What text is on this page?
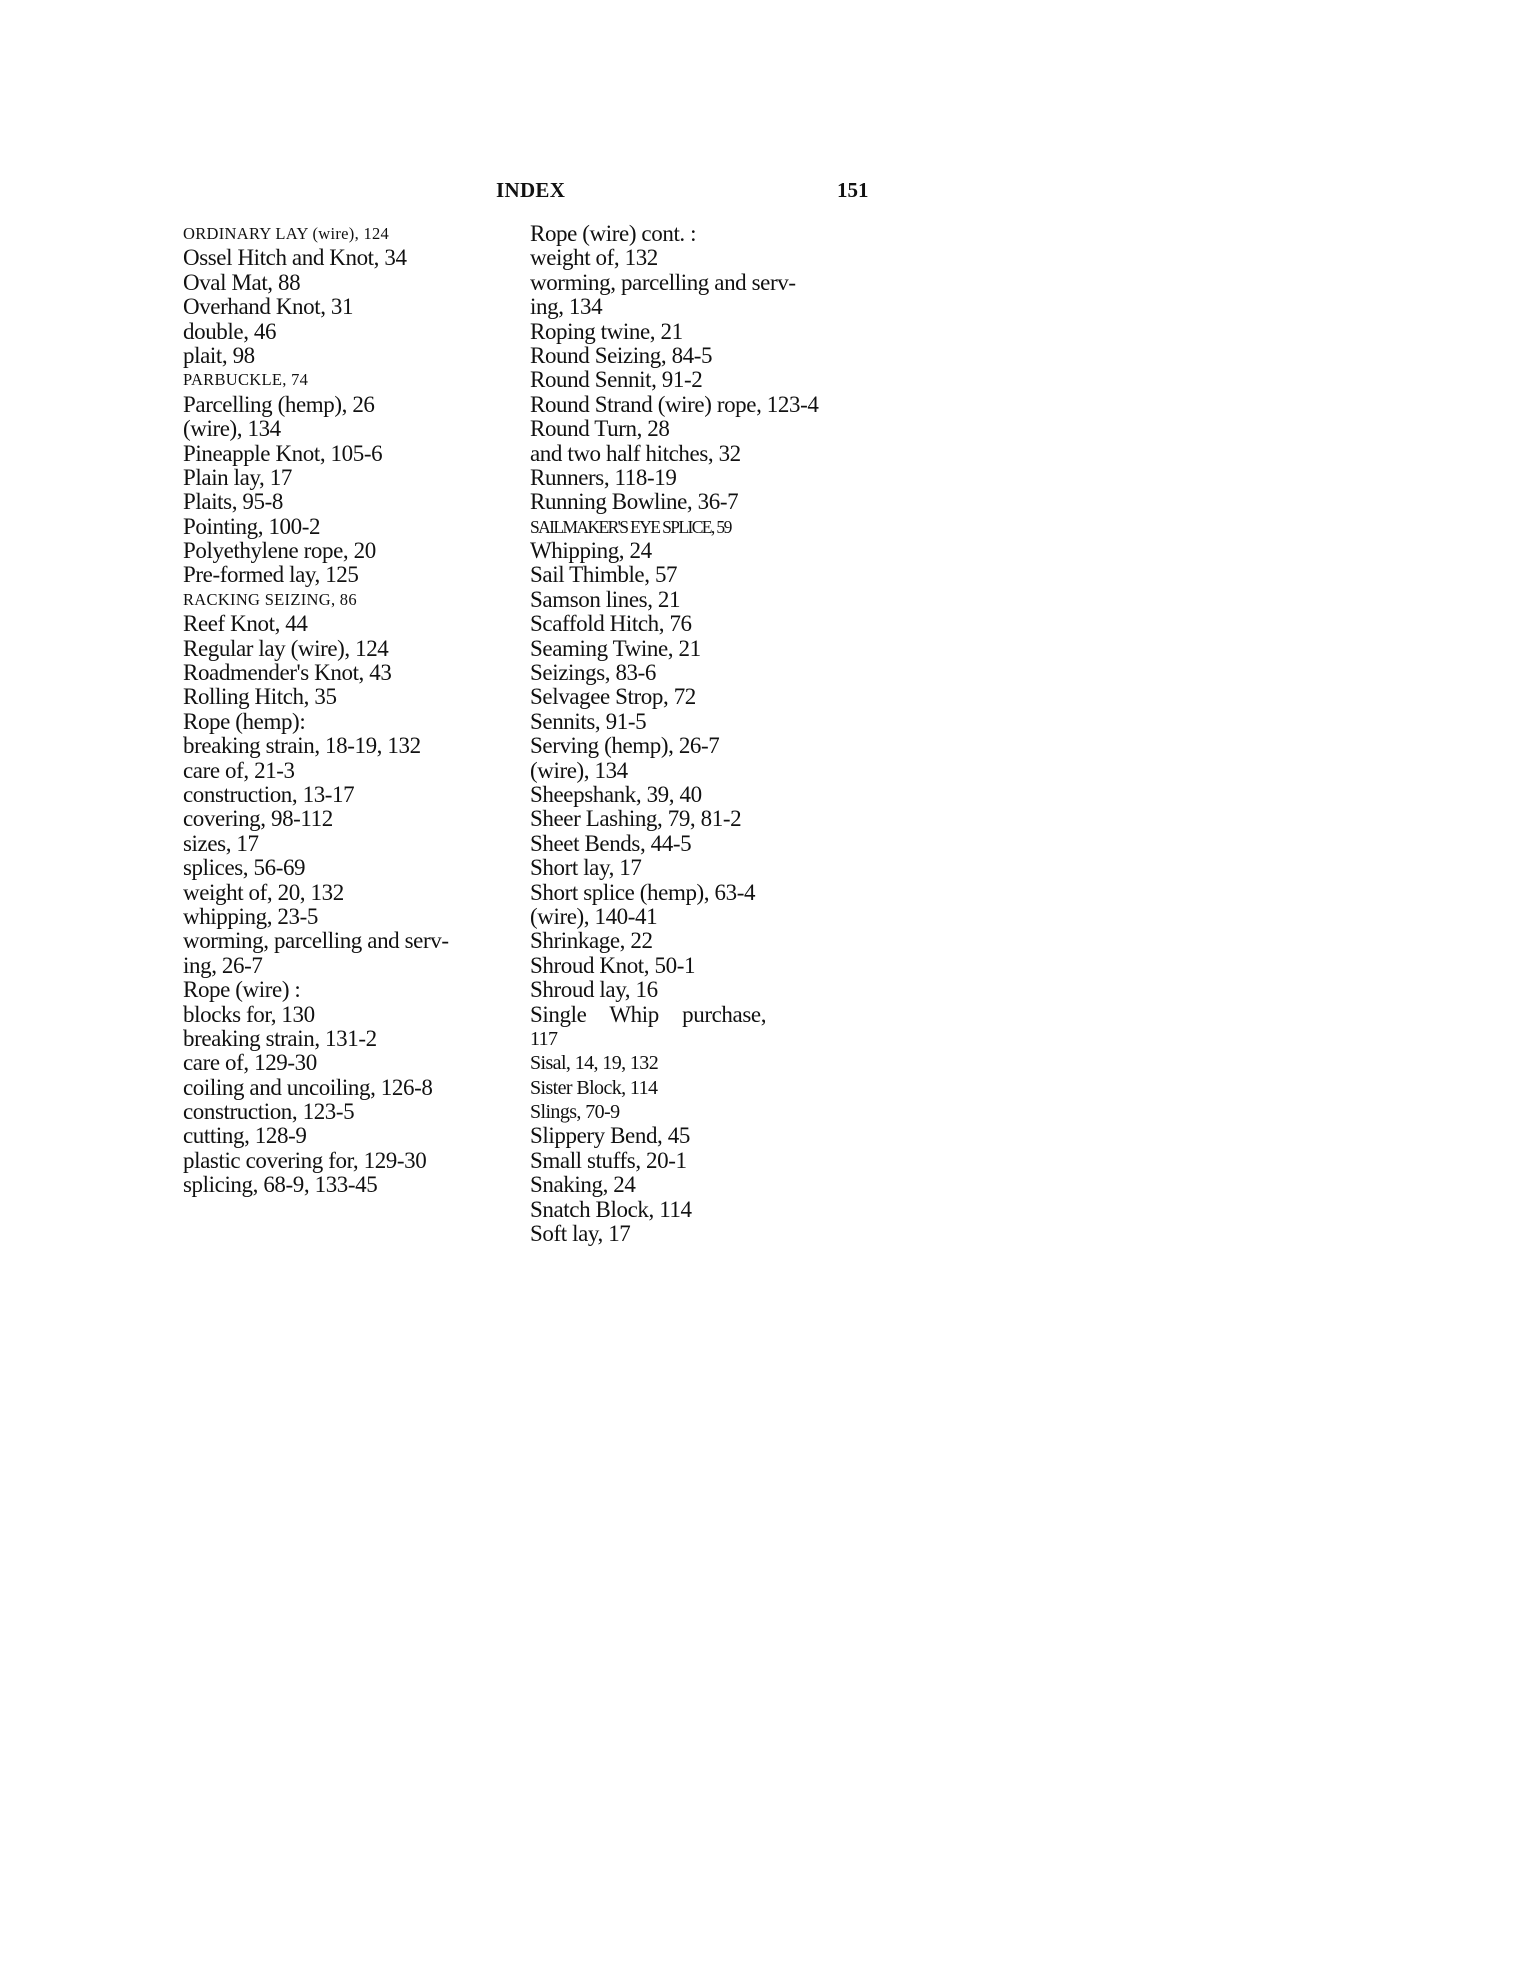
INDEX	151
ORDINARY LAY (wire), 124
Ossel Hitch and Knot, 34
Oval Mat, 88
Overhand Knot, 31
double, 46
plait, 98
PARBUCKLE, 74
Parcelling (hemp), 26
(wire), 134
Pineapple Knot, 105-6
Plain lay, 17
Plaits, 95-8
Pointing, 100-2
Polyethylene rope, 20
Pre-formed lay, 125
RACKING SEIZING, 86
Reef Knot, 44
Regular lay (wire), 124
Roadmender's Knot, 43
Rolling Hitch, 35
Rope (hemp):
breaking strain, 18-19, 132
care of, 21-3
construction, 13-17
covering, 98-112
sizes, 17
splices, 56-69
weight of, 20, 132
whipping, 23-5
worming, parcelling and serv-
ing, 26-7
Rope (wire) :
blocks for, 130
breaking strain, 131-2
care of, 129-30
coiling and uncoiling, 126-8
construction, 123-5
cutting, 128-9
plastic covering for, 129-30
splicing, 68-9, 133-45
Rope (wire) cont. :
weight of, 132
worming, parcelling and serv-
ing, 134
Roping twine, 21
Round Seizing, 84-5
Round Sennit, 91-2
Round Strand (wire) rope, 123-4
Round Turn, 28
and two half hitches, 32
Runners, 118-19
Running Bowline, 36-7
SAILMAKER'S EYE SPLICE, 59
Whipping, 24
Sail Thimble, 57
Samson lines, 21
Scaffold Hitch, 76
Seaming Twine, 21
Seizings, 83-6
Selvagee Strop, 72
Sennits, 91-5
Serving (hemp), 26-7
(wire), 134
Sheepshank, 39, 40
Sheer Lashing, 79, 81-2
Sheet Bends, 44-5
Short lay, 17
Short splice (hemp), 63-4
(wire), 140-41
Shrinkage, 22
Shroud Knot, 50-1
Shroud lay, 16
Single Whip purchase,
117
Sisal, 14, 19, 132
Sister Block, 114
Slings, 70-9
Slippery Bend, 45
Small stuffs, 20-1
Snaking, 24
Snatch Block, 114
Soft lay, 17
